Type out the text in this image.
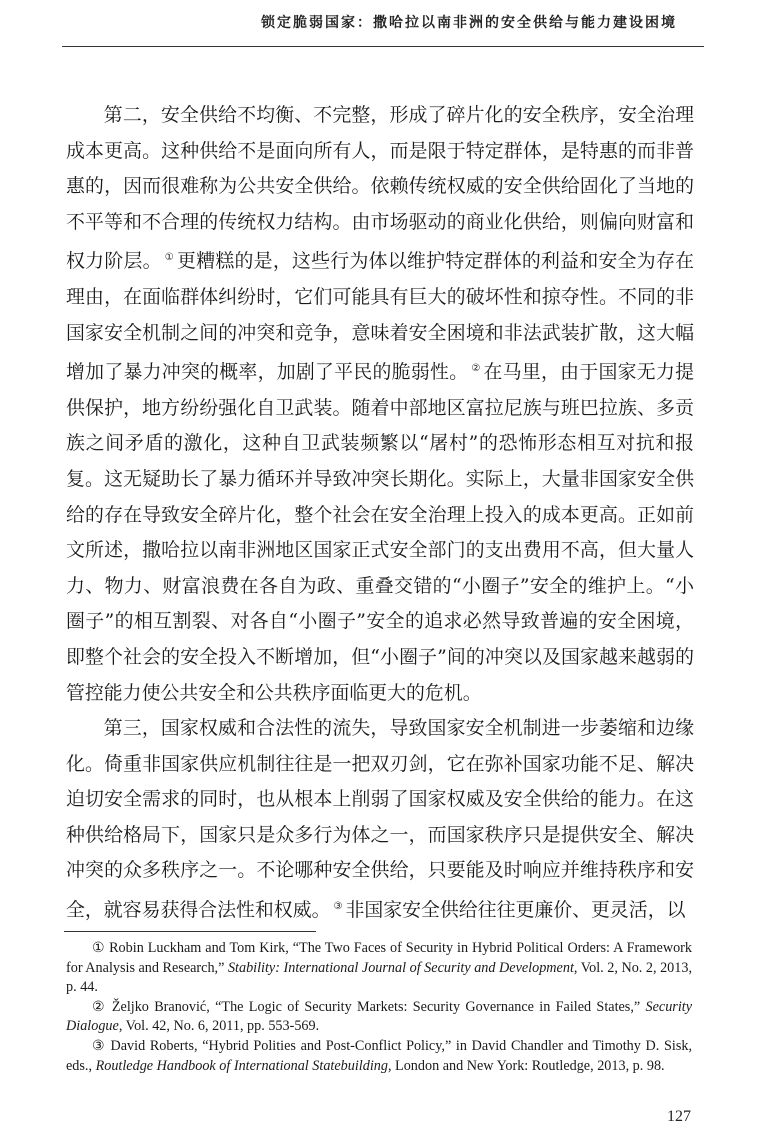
锁定脆弱国家：撒哈拉以南非洲的安全供给与能力建设困境

第二，安全供给不均衡、不完整，形成了碎片化的安全秩序，安全治理成本更高。这种供给不是面向所有人，而是限于特定群体，是特惠的而非普惠的，因而很难称为公共安全供给。依赖传统权威的安全供给固化了当地的不平等和不合理的传统权力结构。由市场驱动的商业化供给，则偏向财富和权力阶层。 ① 更糟糕的是，这些行为体以维护特定群体的利益和安全为存在理由，在面临群体纠纷时，它们可能具有巨大的破坏性和掠夺性。不同的非国家安全机制之间的冲突和竞争，意味着安全困境和非法武装扩散，这大幅增加了暴力冲突的概率，加剧了平民的脆弱性。 ② 在马里，由于国家无力提供保护，地方纷纷强化自卫武装。随着中部地区富拉尼族与班巴拉族、多贡族之间矛盾的激化，这种自卫武装频繁以“屠村”的恐怖形态相互对抗和报复。这无疑助长了暴力循环并导致冲突长期化。实际上，大量非国家安全供给的存在导致安全碎片化，整个社会在安全治理上投入的成本更高。正如前文所述，撒哈拉以南非洲地区国家正式安全部门的支出费用不高，但大量人力、物力、财富浪费在各自为政、重叠交错的“小圈子”安全的维护上。“小圈子”的相互割裂、对各自“小圈子”安全的追求必然导致普遍的安全困境，即整个社会的安全投入不断增加，但“小圈子”间的冲突以及国家越来越弱的管控能力使公共安全和公共秩序面临更大的危机。

第三，国家权威和合法性的流失，导致国家安全机制进一步萎缩和边缘化。倚重非国家供应机制往往是一把双刃剑，它在弥补国家功能不足、解决迫切安全需求的同时，也从根本上削弱了国家权威及安全供给的能力。在这种供给格局下，国家只是众多行为体之一，而国家秩序只是提供安全、解决冲突的众多秩序之一。不论哪种安全供给，只要能及时响应并维持秩序和安全，就容易获得合法性和权威。 ③ 非国家安全供给往往更廉价、更灵活，以

① Robin Luckham and Tom Kirk, “The Two Faces of Security in Hybrid Political Orders: A Framework for Analysis and Research,” Stability: International Journal of Security and Development, Vol. 2, No. 2, 2013, p. 44.

② Željko Branović, “The Logic of Security Markets: Security Governance in Failed States,” Security Dialogue, Vol. 42, No. 6, 2011, pp. 553-569.

③ David Roberts, “Hybrid Polities and Post-Conflict Policy,” in David Chandler and Timothy D. Sisk, eds., Routledge Handbook of International Statebuilding, London and New York: Routledge, 2013, p. 98.

127
